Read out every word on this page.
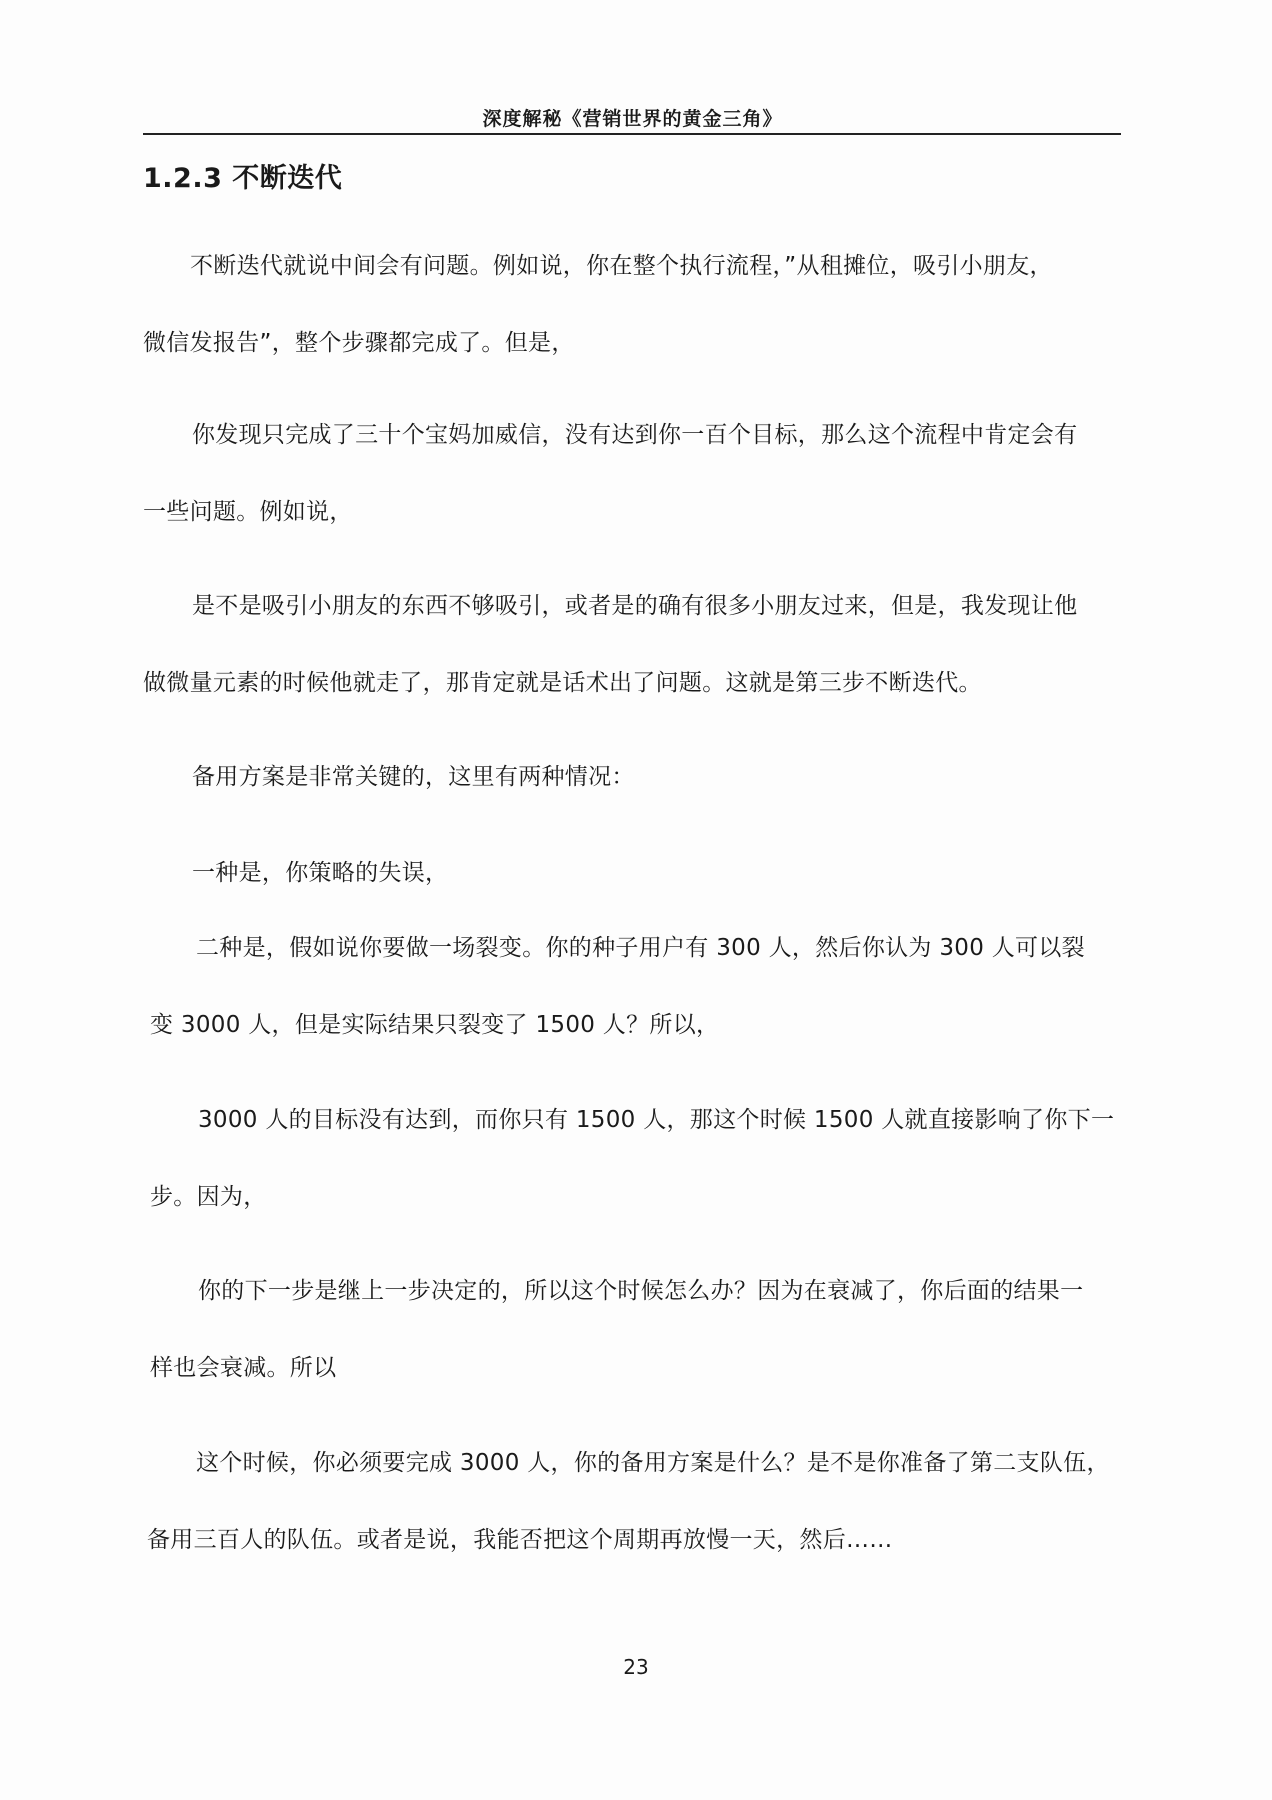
深度解秘《营销世界的黄金三角》
1.2.3 不断迭代
不断迭代就说中间会有问题。例如说，你在整个执行流程，”从租摊位，吸引小朋友，
微信发报告”，整个步骤都完成了。但是，
你发现只完成了三十个宝妈加威信，没有达到你一百个目标，那么这个流程中肯定会有
一些问题。例如说，
是不是吸引小朋友的东西不够吸引，或者是的确有很多小朋友过来，但是，我发现让他
做微量元素的时候他就走了，那肯定就是话术出了问题。这就是第三步不断迭代。
备用方案是非常关键的，这里有两种情况：
一种是，你策略的失误，
二种是，假如说你要做一场裂变。你的种子用户有 300 人，然后你认为 300 人可以裂
变 3000 人，但是实际结果只裂变了 1500 人？所以，
3000 人的目标没有达到，而你只有 1500 人，那这个时候 1500 人就直接影响了你下一
步。因为，
你的下一步是继上一步决定的，所以这个时候怎么办？因为在衰减了，你后面的结果一
样也会衰减。所以
这个时候，你必须要完成 3000 人，你的备用方案是什么？是不是你准备了第二支队伍，
备用三百人的队伍。或者是说，我能否把这个周期再放慢一天，然后……
23
